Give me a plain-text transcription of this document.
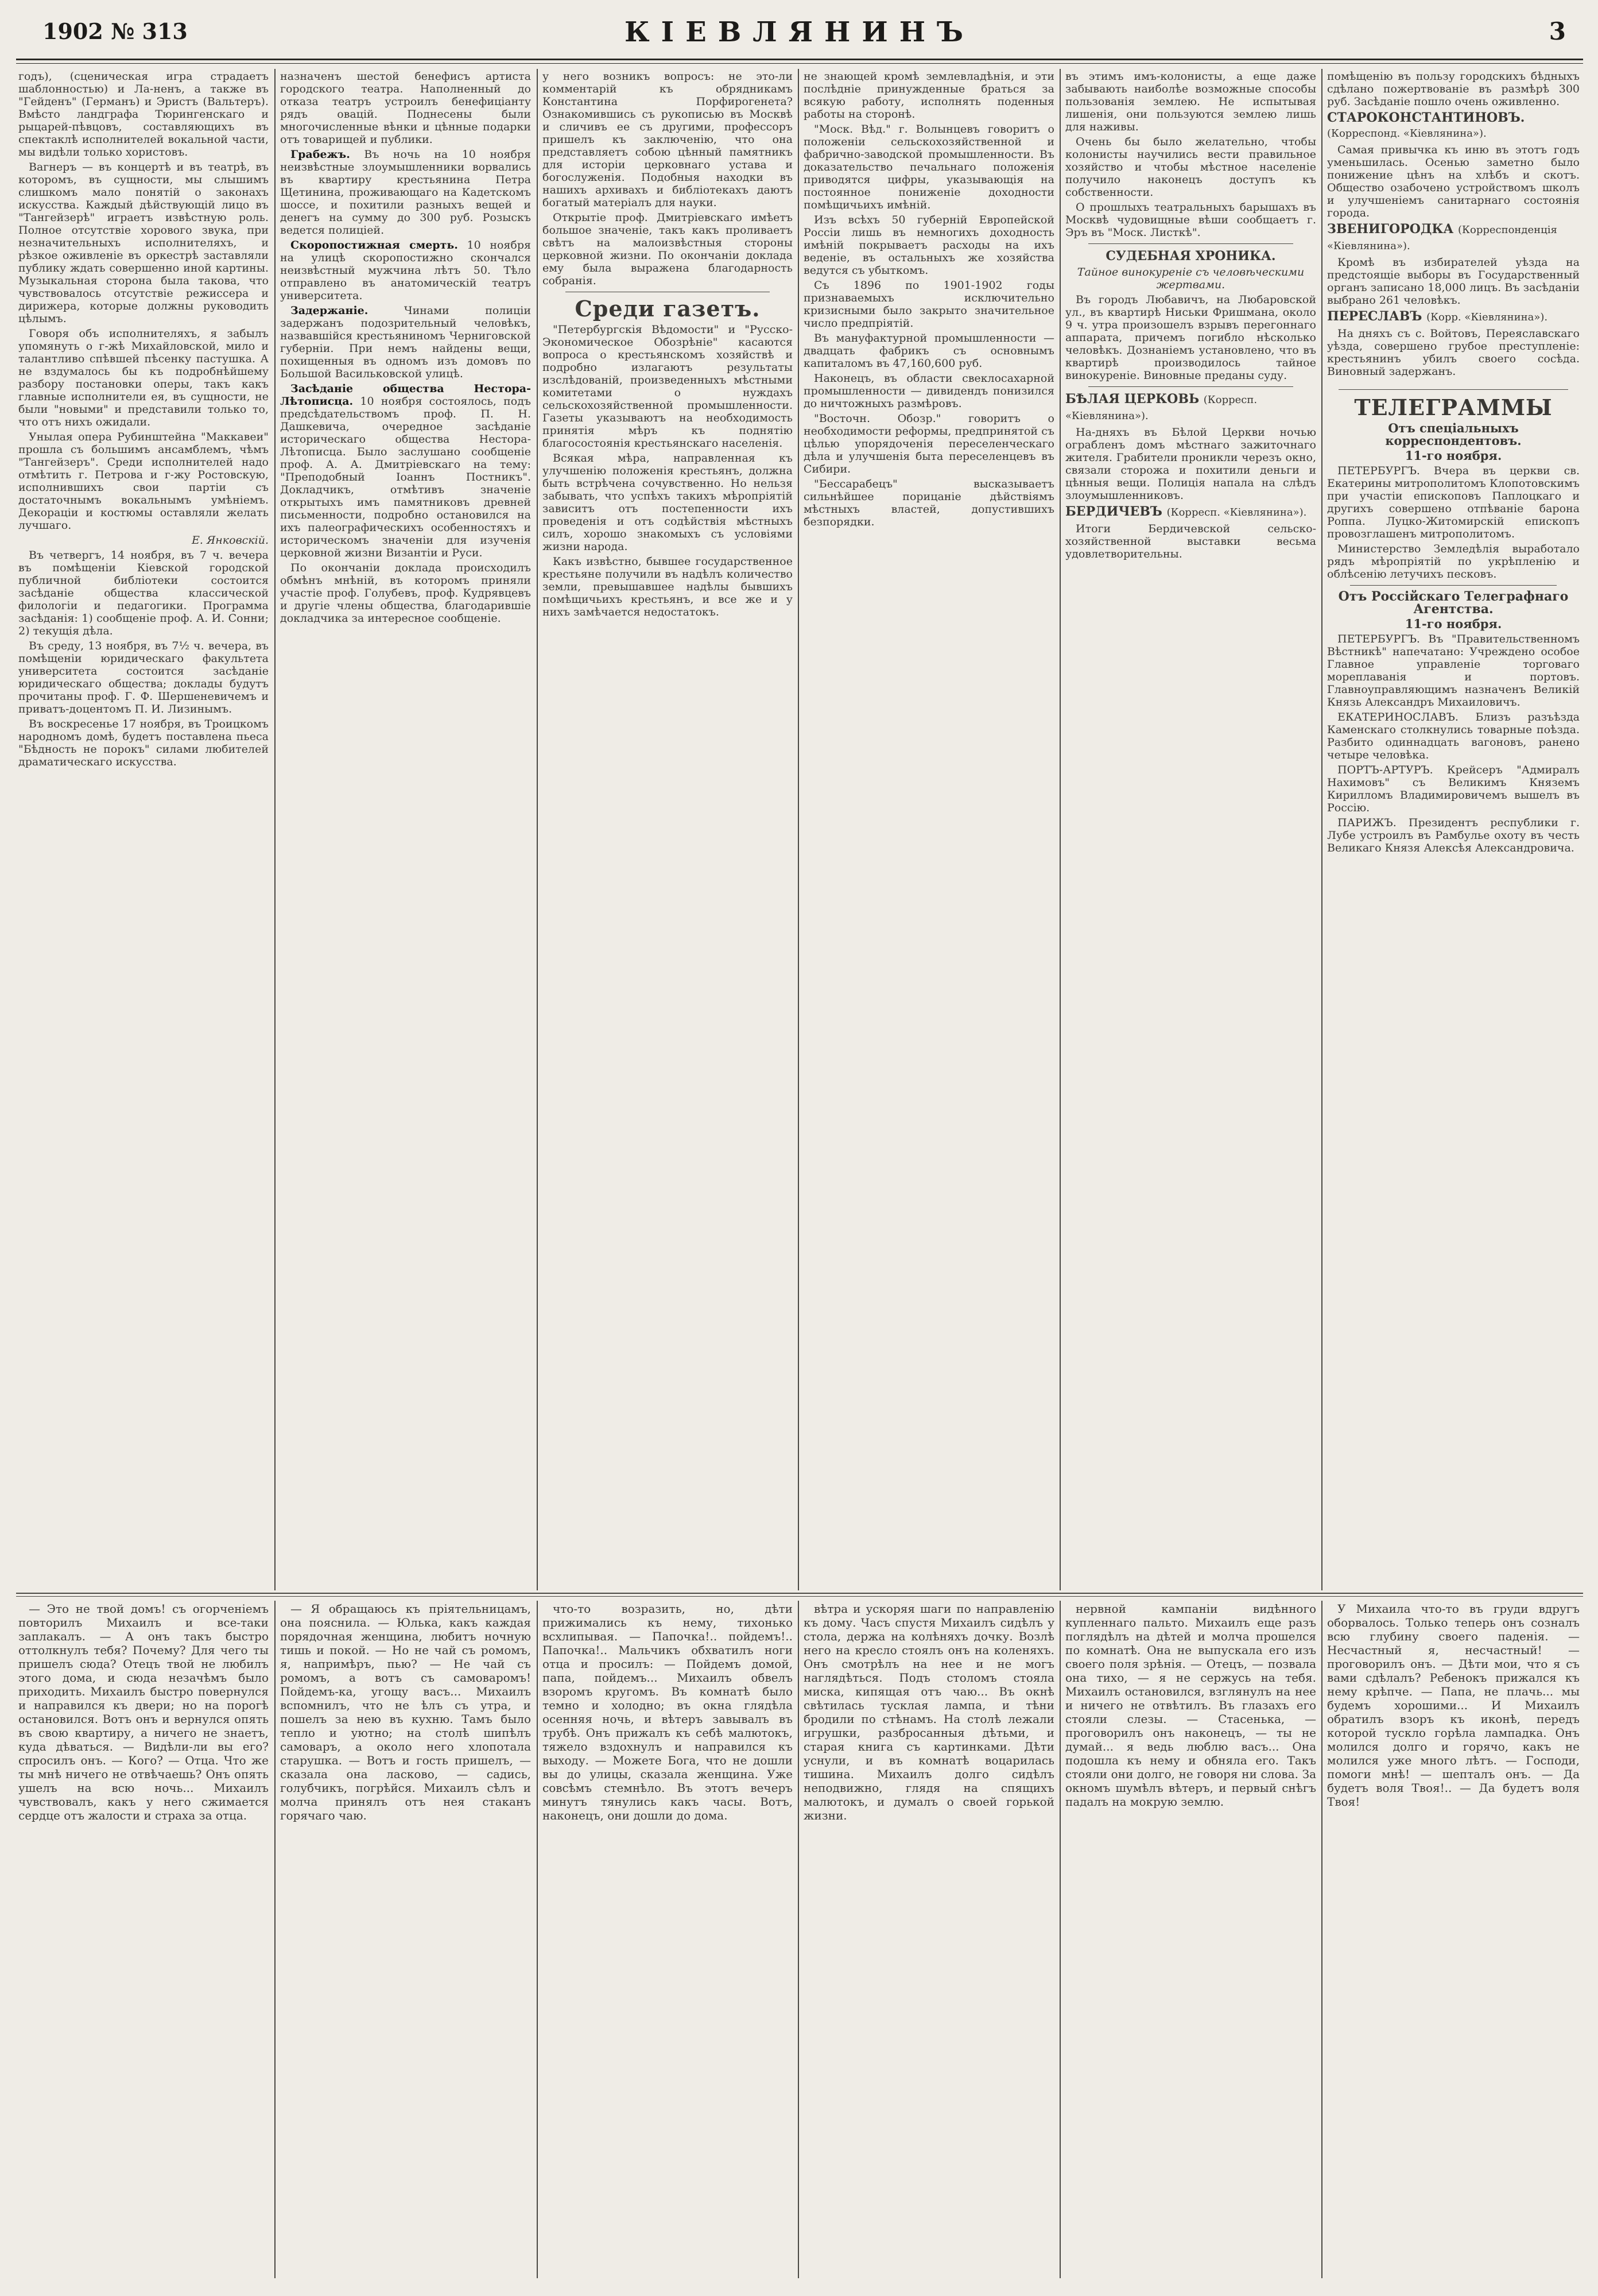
1902 № 313	КІЕВЛЯНИНЪ	3

годъ), (сценическая игра страдаетъ шаблонностью) и Ла-ненъ, а также въ "Гейденъ" (Германъ) и Эристъ (Вальтеръ). Вмѣсто ландграфа Тюрингенскаго и рыцарей-пѣвцовъ, составляющихъ въ спектаклѣ исполнителей вокальной части, мы видѣли только хористовъ.

Вагнеръ — въ концертѣ и въ театрѣ, въ которомъ, въ сущности, мы слышимъ слишкомъ мало понятій о законахъ искусства. Каждый дѣйствующій лицо въ "Тангейзерѣ" играетъ извѣстную роль. Полное отсутствіе хорового звука, при незначительныхъ исполнителяхъ, и рѣзкое оживленіе въ оркестрѣ заставляли публику ждать совершенно иной картины. Музыкальная сторона была такова, что чувствовалось отсутствіе режиссера и дирижера, которые должны руководить цѣлымъ.

Говоря объ исполнителяхъ, я забылъ упомянуть о г-жѣ Михайловской, мило и талантливо спѣвшей пѣсенку пастушка. А не вздумалось бы къ подробнѣйшему разбору постановки оперы, такъ какъ главные исполнители ея, въ сущности, не были "новыми" и представили только то, что отъ нихъ ожидали.

Унылая опера Рубинштейна "Маккавеи" прошла съ большимъ ансамблемъ, чѣмъ "Тангейзеръ". Среди исполнителей надо отмѣтить г. Петрова и г-жу Ростовскую, исполнившихъ свои партіи съ достаточнымъ вокальнымъ умѣніемъ. Декораціи и костюмы оставляли желать лучшаго.

Е. Янковскій.

Въ четвергъ, 14 ноября, въ 7 ч. вечера въ помѣщеніи Кіевской городской публичной библіотеки состоится засѣданіе общества классической филологіи и педагогики. Программа засѣданія: 1) сообщеніе проф. А. И. Сонни; 2) текущія дѣла.

Въ среду, 13 ноября, въ 7½ ч. вечера, въ помѣщеніи юридическаго факультета университета состоится засѣданіе юридическаго общества; доклады будутъ прочитаны проф. Г. Ф. Шершеневичемъ и приватъ-доцентомъ П. И. Лизинымъ.

Въ воскресенье 17 ноября, въ Троицкомъ народномъ домѣ, будетъ поставлена пьеса "Бѣдность не порокъ" силами любителей драматическаго искусства.

назначенъ шестой бенефисъ артиста городского театра. Наполненный до отказа театръ устроилъ бенефиціанту рядъ овацій. Поднесены были многочисленные вѣнки и цѣнные подарки отъ товарищей и публики.

Грабежъ. Въ ночь на 10 ноября неизвѣстные злоумышленники ворвались въ квартиру крестьянина Петра Щетинина, проживающаго на Кадетскомъ шоссе, и похитили разныхъ вещей и денегъ на сумму до 300 руб. Розыскъ ведется полиціей.

Скоропостижная смерть. 10 ноября на улицѣ скоропостижно скончался неизвѣстный мужчина лѣтъ 50. Тѣло отправлено въ анатомическій театръ университета.

Задержаніе.	Чинами полиціи задержанъ подозрительный человѣкъ, назвавшійся крестьяниномъ Черниговской губерніи. При немъ найдены вещи, похищенныя въ одномъ изъ домовъ по Большой Васильковской улицѣ.

Засѣданіе общества Нестора-Лѣтописца. 10 ноября состоялось, подъ предсѣдательствомъ проф. П. Н. Дашкевича, очередное засѣданіе историческаго общества Нестора-Лѣтописца. Было заслушано сообщеніе проф. А. А. Дмитріевскаго на тему: "Преподобный Іоаннъ Постникъ". Докладчикъ, отмѣтивъ значеніе открытыхъ имъ памятниковъ древней письменности, подробно остановился на ихъ палеографическихъ особенностяхъ и историческомъ значеніи для изученія церковной жизни Византіи и Руси.

По окончаніи доклада происходилъ обмѣнъ мнѣній, въ которомъ приняли участіе проф. Голубевъ, проф. Кудрявцевъ и другіе члены общества, благодарившіе докладчика за интересное сообщеніе.

у него возникъ вопросъ: не это-ли комментарій къ обрядникамъ Константина Порфирогенета? Ознакомившись съ рукописью въ Москвѣ и сличивъ ее съ другими, профессоръ пришелъ къ заключенію, что она представляетъ собою цѣнный памятникъ для исторіи церковнаго устава и богослуженія. Подобныя находки въ нашихъ архивахъ и библіотекахъ даютъ богатый матеріалъ для науки.

Открытіе проф. Дмитріевскаго имѣетъ большое значеніе, такъ какъ проливаетъ свѣтъ на малоизвѣстныя стороны церковной жизни. По окончаніи доклада ему была выражена благодарность собранія.

Среди газетъ.

"Петербургскія Вѣдомости" и "Русско-Экономическое Обозрѣніе" касаются вопроса о крестьянскомъ хозяйствѣ и подробно излагаютъ результаты изслѣдованій, произведенныхъ мѣстными комитетами о нуждахъ сельскохозяйственной промышленности. Газеты указываютъ на необходимость принятія мѣръ къ поднятію благосостоянія крестьянскаго населенія.

Всякая мѣра, направленная къ улучшенію положенія крестьянъ, должна быть встрѣчена сочувственно. Но нельзя забывать, что успѣхъ такихъ мѣропріятій зависитъ отъ постепенности ихъ проведенія и отъ содѣйствія мѣстныхъ силъ, хорошо знакомыхъ съ условіями жизни народа.

Какъ извѣстно, бывшее государственное крестьяне получили въ надѣлъ количество земли, превышавшее надѣлы бывшихъ помѣщичьихъ крестьянъ, и все же и у нихъ замѣчается недостатокъ.

не знающей кромѣ землевладѣнія, и эти послѣдніе принужденные браться за всякую работу, исполнять поденныя работы на сторонѣ.

"Моск. Вѣд." г. Волынцевъ говоритъ о положеніи сельскохозяйственной и фабрично-заводской промышленности. Въ доказательство печальнаго положенія приводятся цифры, указывающія на постоянное пониженіе доходности помѣщичьихъ имѣній.

Изъ всѣхъ 50 губерній Европейской Россіи лишь въ немногихъ доходность имѣній покрываетъ расходы на ихъ веденіе, въ остальныхъ же хозяйства ведутся съ убыткомъ.

Съ 1896 по 1901-1902 годы признаваемыхъ исключительно кризисными было закрыто значительное число предпріятій.

Въ мануфактурной промышленности — двадцать фабрикъ съ основнымъ капиталомъ въ 47,160,600 руб.

Наконецъ, въ области свеклосахарной промышленности — дивидендъ понизился до ничтожныхъ размѣровъ.

"Восточн. Обозр." говоритъ о необходимости реформы, предпринятой съ цѣлью упорядоченія переселенческаго дѣла и улучшенія быта переселенцевъ въ Сибири.

"Бессарабецъ" высказываетъ сильнѣйшее порицаніе дѣйствіямъ мѣстныхъ властей, допустившихъ безпорядки.

въ этимъ имъ-колонисты, а еще даже забывають наиболѣе возможные способы пользованія землею. Не испытывая лишенія, они пользуются землею лишь для наживы.

Очень бы было желательно, чтобы колонисты научились вести правильное хозяйство и чтобы мѣстное населеніе получило наконецъ доступъ къ собственности.

О прошлыхъ театральныхъ барышахъ въ Москвѣ чудовищные вѣши сообщаетъ г. Эръ въ "Моск. Листкѣ".

СУДЕБНАЯ ХРОНИКА.

Тайное винокуреніе съ человѣческими жертвами.

Въ городъ Любавичъ, на Любаровской ул., въ квартирѣ Ниськи Фришмана, около 9 ч. утра произошелъ взрывъ перегоннаго аппарата, причемъ погибло нѣсколько человѣкъ. Дознаніемъ установлено, что въ квартирѣ производилось тайное винокуреніе. Виновные преданы суду.

БѢЛАЯ ЦЕРКОВЬ (Корресп. «Кіевлянина»).

На-дняхъ въ Бѣлой Церкви ночью ограбленъ домъ мѣстнаго зажиточнаго жителя. Грабители проникли черезъ окно, связали сторожа и похитили деньги и цѣнныя вещи. Полиція напала на слѣдъ злоумышленниковъ.

БЕРДИЧЕВЪ (Корресп. «Кіевлянина»).

Итоги Бердичевской сельско-хозяйственной выставки весьма удовлетворительны.

помѣщенію въ пользу городскихъ бѣдныхъ сдѣлано пожертвованіе въ размѣрѣ 300 руб. Засѣданіе пошло очень оживленно.

СТАРОКОНСТАНТИНОВЪ. (Корреспонд. «Кіевлянина»).

Самая привычка къ иню въ этотъ годъ уменьшилась. Осенью заметно было понижение цѣнъ на хлѣбъ и скотъ. Общество озабочено устройствомъ школъ и улучшеніемъ санитарнаго состоянія города.

ЗВЕНИГОРОДКА (Корреспонденція «Кіевлянина»).

Кромѣ въ избирателей уѣзда на предстоящіе выборы въ Государственный органъ записано 18,000 лицъ. Въ засѣданіи выбрано 261 человѣкъ.

ПЕРЕСЛАВЪ (Корр. «Кіевлянина»).

На дняхъ съ с. Войтовъ, Переяславскаго уѣзда, совершено грубое преступленіе: крестьянинъ убилъ своего сосѣда. Виновный задержанъ.

ТЕЛЕГРАММЫ

Отъ спеціальныхъ корреспондентовъ.

11-го ноября.

ПЕТЕРБУРГЪ. Вчера въ церкви св. Екатерины митрополитомъ Клопотовскимъ при участіи епископовъ Паплоцкаго и другихъ совершено отпѣваніе барона Роппа. Луцко-Житомирскій епископъ провозглашенъ митрополитомъ.

Министерство Земледѣлія выработало рядъ мѣропріятій по укрѣпленію и облѣсенію летучихъ песковъ.

Отъ Россійскаго Телеграфнаго Агентства.

11-го ноября.

ПЕТЕРБУРГЪ. Въ "Правительственномъ Вѣстникѣ" напечатано: Учреждено особое Главное управленіе торговаго мореплаванія и портовъ. Главноуправляющимъ назначенъ Великій Князь Александръ Михаиловичъ.

ЕКАТЕРИНОСЛАВЪ. Близъ разъѣзда Каменскаго столкнулись товарные поѣзда. Разбито одиннадцать вагоновъ, ранено четыре человѣка.

ПОРТЪ-АРТУРЪ. Крейсеръ "Адмиралъ Нахимовъ" съ Великимъ Княземъ Кирилломъ Владимировичемъ вышелъ въ Россію.

ПАРИЖЪ. Президентъ республики г. Лубе устроилъ въ Рамбулье охоту въ честь Великаго Князя Алексѣя Александровича.

— Это не твой домъ! съ огорченіемъ повторилъ Михаилъ и все-таки заплакалъ. — А онъ такъ быстро оттолкнулъ тебя? Почему? Для чего ты пришелъ сюда? Отецъ твой не любилъ этого дома, и сюда незачѣмъ было приходить. Михаилъ быстро повернулся и направился къ двери; но на порогѣ остановился. Вотъ онъ и вернулся опять въ свою квартиру, а ничего не знаетъ, куда дѣваться. — Видѣли-ли вы его? спросилъ онъ. — Кого? — Отца. Что же ты мнѣ ничего не отвѣчаешь? Онъ опять ушелъ на всю ночь... Михаилъ чувствовалъ, какъ у него сжимается сердце отъ жалости и страха за отца.

— Я обращаюсь къ пріятельницамъ, она пояснила. — Юлька, какъ каждая порядочная женщина, любитъ ночную тишь и покой. — Но не чай съ ромомъ, я, напримѣръ, пью? — Не чай съ ромомъ, а вотъ съ самоваромъ! Пойдемъ-ка, угощу васъ... Михаилъ вспомнилъ, что не ѣлъ съ утра, и пошелъ за нею въ кухню. Тамъ было тепло и уютно; на столѣ шипѣлъ самоваръ, а около него хлопотала старушка. — Вотъ и гость пришелъ, — сказала она ласково, — садись, голубчикъ, погрѣйся. Михаилъ сѣлъ и молча принялъ отъ нея стаканъ горячаго чаю.

что-то возразить, но, дѣти прижимались къ нему, тихонько всхлипывая. — Папочка!.. пойдемъ!.. Папочка!.. Мальчикъ обхватилъ ноги отца и просилъ: — Пойдемъ домой, папа, пойдемъ... Михаилъ обвелъ взоромъ кругомъ. Въ комнатѣ было темно и холодно; въ окна глядѣла осенняя ночь, и вѣтеръ завывалъ въ трубѣ. Онъ прижалъ къ себѣ малютокъ, тяжело вздохнулъ и направился къ выходу. — Можете Бога, что не дошли вы до улицы, сказала женщина. Уже совсѣмъ стемнѣло. Въ этотъ вечеръ минутъ тянулись какъ часы. Вотъ, наконецъ, они дошли до дома.

вѣтра и ускоряя шаги по направленію къ дому. Часъ спустя Михаилъ сидѣлъ у стола, держа на колѣняхъ дочку. Возлѣ него на кресло стоялъ онъ на коленяхъ. Онъ смотрѣлъ на нее и не могъ наглядѣться. Подъ столомъ стояла миска, кипящая отъ чаю... Въ окнѣ свѣтилась тусклая лампа, и тѣни бродили по стѣнамъ. На столѣ лежали игрушки, разбросанныя дѣтьми, и старая книга съ картинками. Дѣти уснули, и въ комнатѣ воцарилась тишина. Михаилъ долго сидѣлъ неподвижно, глядя на спящихъ малютокъ, и думалъ о своей горькой жизни.

нервной кампаніи видѣнного купленнаго пальто. Михаилъ еще разъ поглядѣлъ на дѣтей и молча прошелся по комнатѣ. Она не выпускала его изъ своего поля зрѣнія. — Отецъ, — позвала она тихо, — я не сержусь на тебя. Михаилъ остановился, взглянулъ на нее и ничего не отвѣтилъ. Въ глазахъ его стояли слезы. — Стасенька, — проговорилъ онъ наконецъ, — ты не думай... я ведь люблю васъ... Она подошла къ нему и обняла его. Такъ стояли они долго, не говоря ни слова. За окномъ шумѣлъ вѣтеръ, и первый снѣгъ падалъ на мокрую землю.

У Михаила что-то въ груди вдругъ оборвалось. Только теперь онъ созналъ всю глубину своего паденія. — Несчастный я, несчастный! — проговорилъ онъ. — Дѣти мои, что я съ вами сдѣлалъ? Ребенокъ прижался къ нему крѣпче. — Папа, не плачь... мы будемъ хорошими... И Михаилъ обратилъ взоръ къ иконѣ, передъ которой тускло горѣла лампадка. Онъ молился долго и горячо, какъ не молился уже много лѣтъ. — Господи, помоги мнѣ! — шепталъ онъ. — Да будетъ воля Твоя!.. — Да будетъ воля Твоя!
